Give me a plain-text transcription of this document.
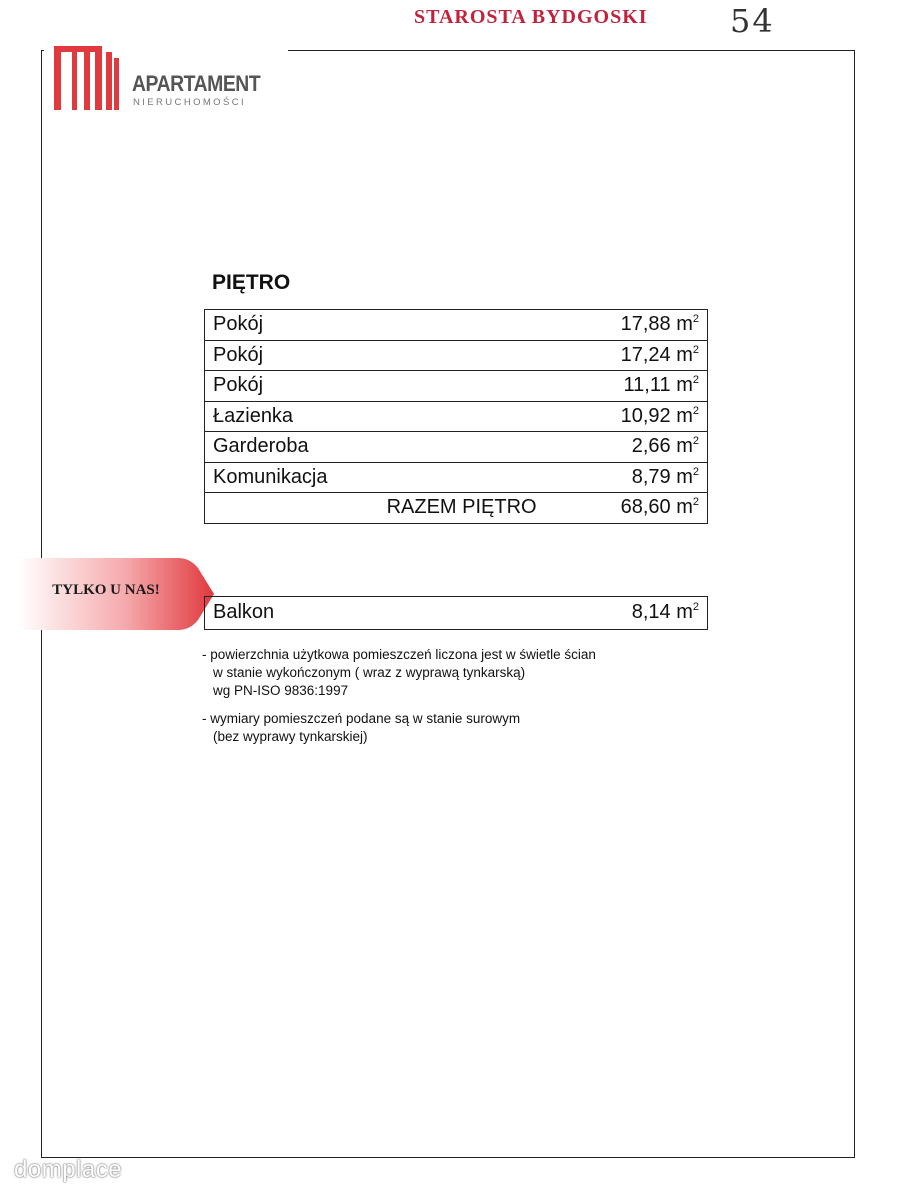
STAROSTA BYDGOSKI	54
APARTAMENT
NIERUCHOMOŚCI
PIĘTRO
Pokój	17,88 $m^2$
Pokój	17,24 $m^2$
Pokój	11,11 $m^2$
Łazienka	10,92 $m^2$
Garderoba	2,66 $m^2$
Komunikacja	8,79 $m^2$
RAZEM PIĘTRO	68,60 $m^2$
TYLKO U NAS!
Balkon	8,14 $m^2$

- powierzchnia użytkowa pomieszczeń liczona jest w świetle ścian
w stanie wykończonym ( wraz z wyprawą tynkarską)
wg PN-ISO 9836:1997

- wymiary pomieszczeń podane są w stanie surowym
(bez wyprawy tynkarskiej)

domplace
